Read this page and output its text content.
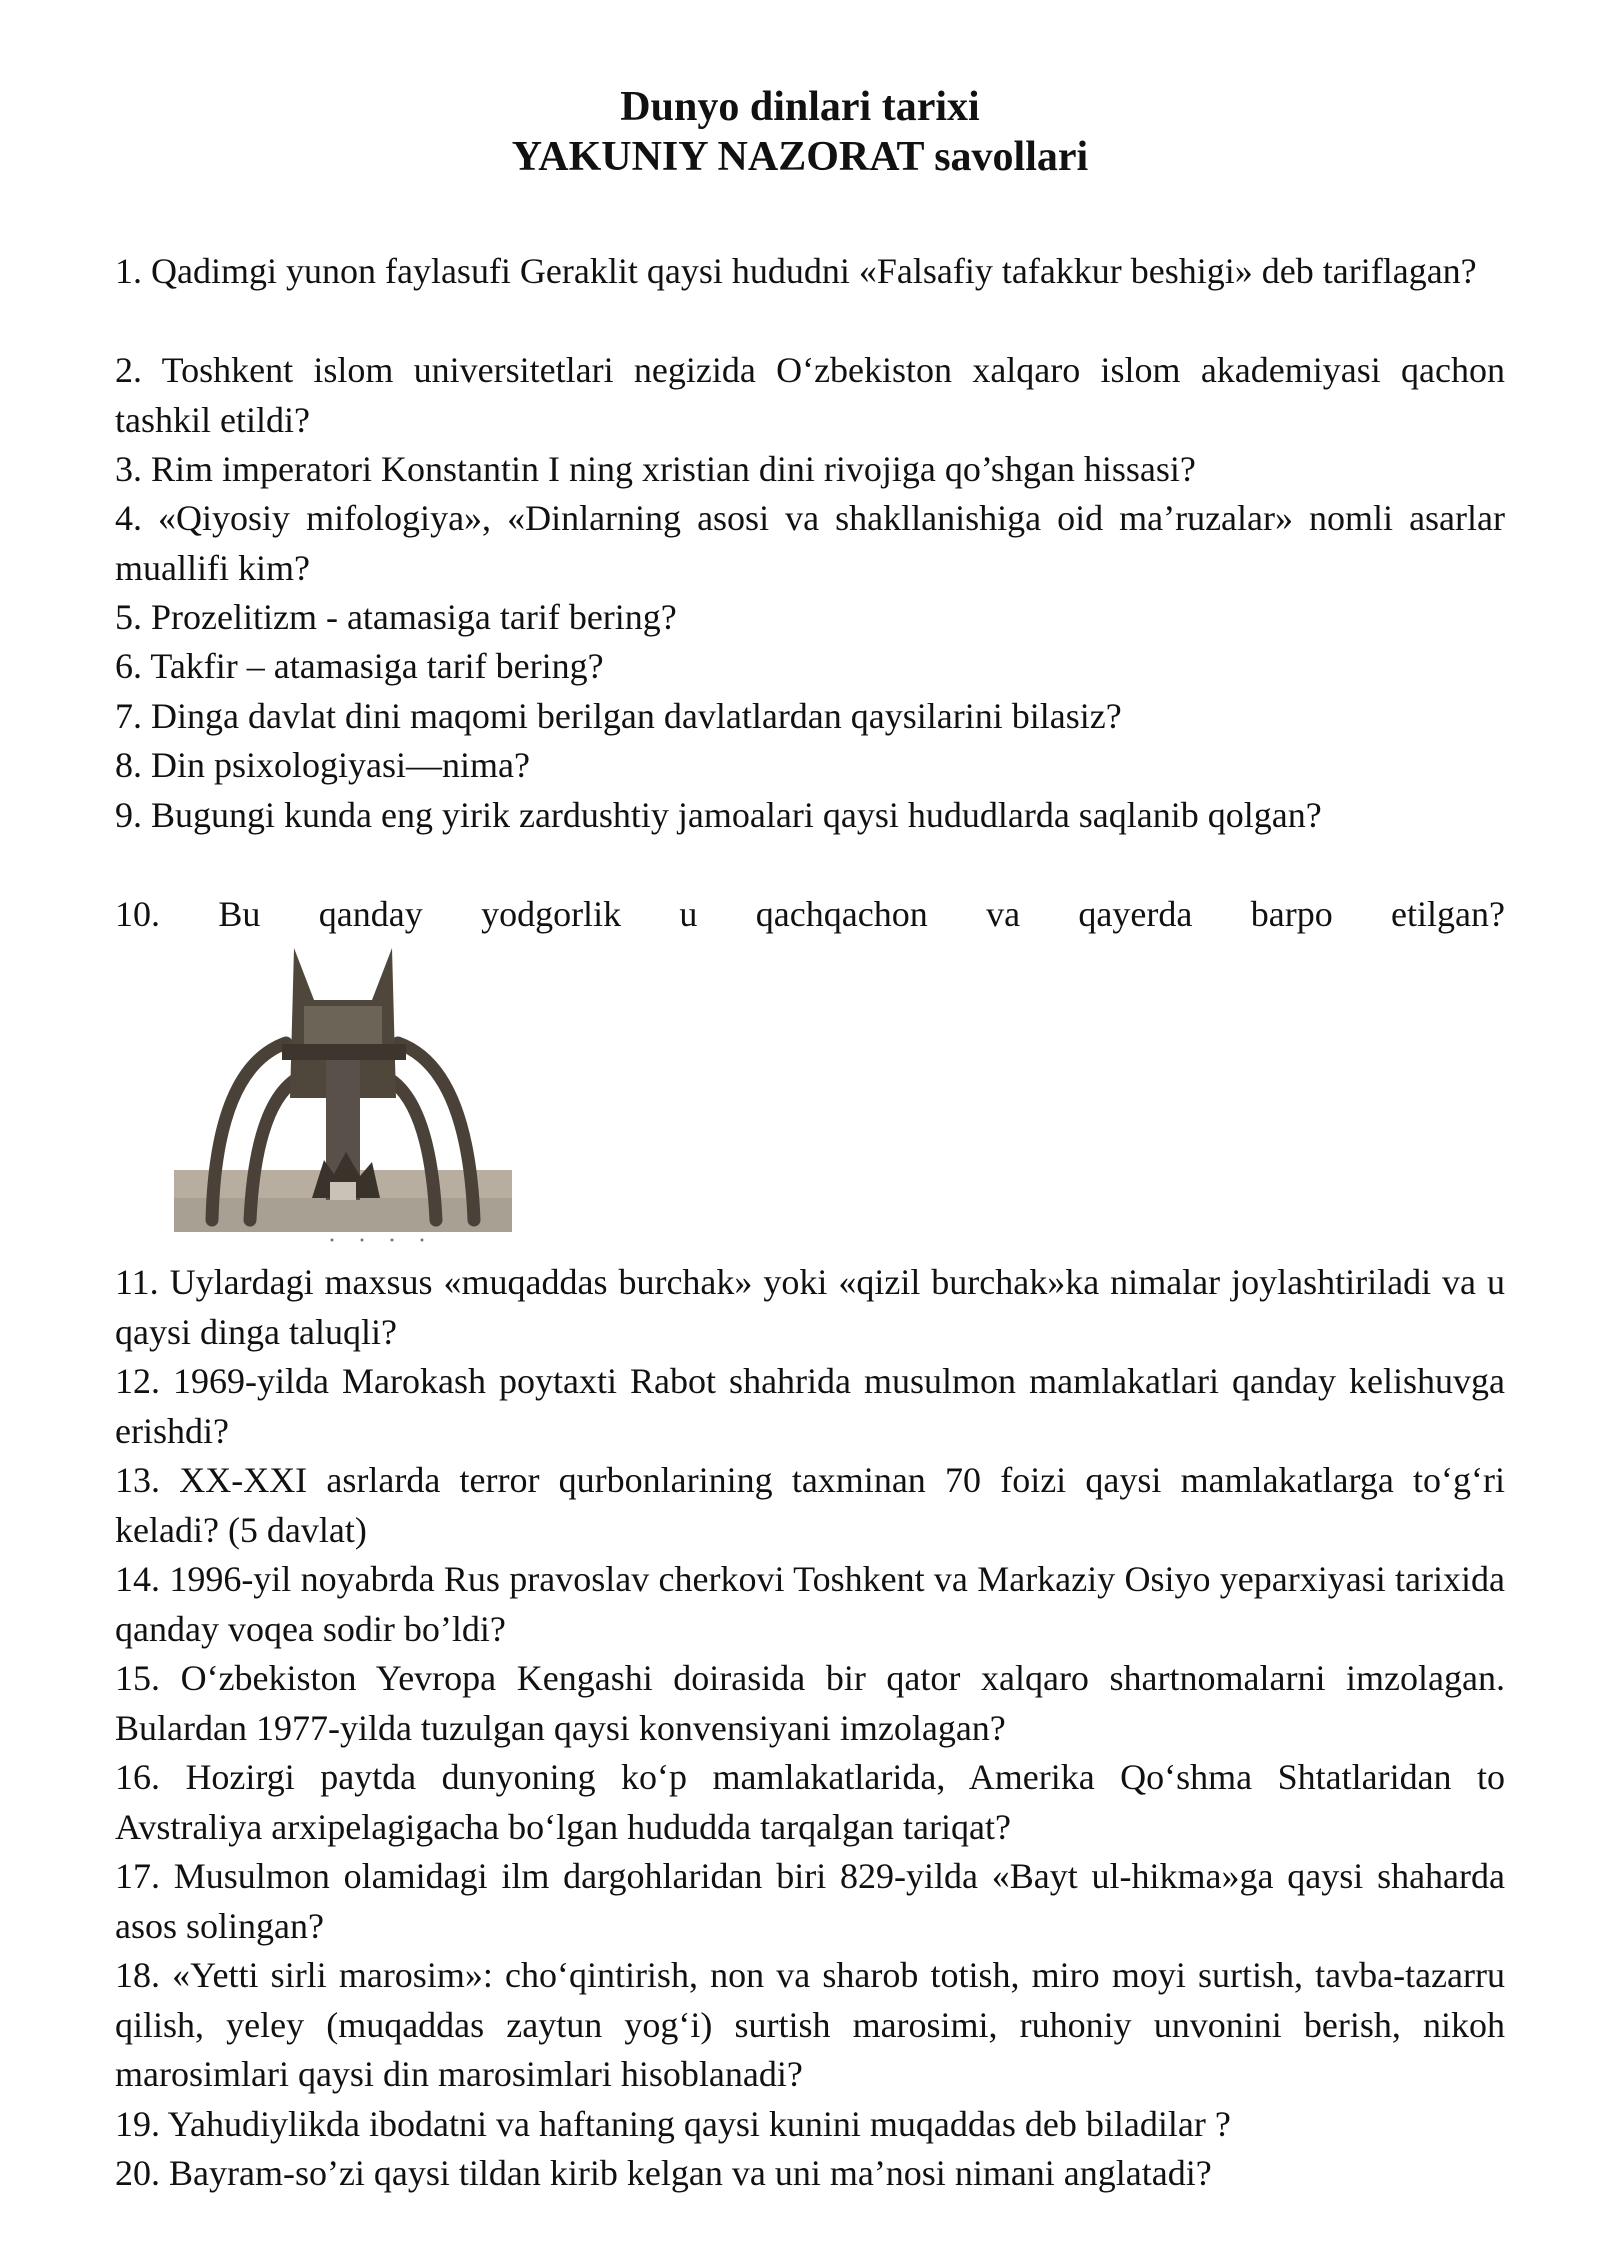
Dunyo dinlari tarixi
YAKUNIY NAZORAT savollari

1. Qadimgi yunon faylasufi Geraklit qaysi hududni «Falsafiy tafakkur beshigi» deb tariflagan?

2. Toshkent islom universitetlari negizida O‘zbekiston xalqaro islom akademiyasi qachon tashkil etildi?

3. Rim imperatori Konstantin I ning xristian dini rivojiga qo’shgan hissasi?

4. «Qiyosiy mifologiya», «Dinlarning asosi va shakllanishiga oid ma’ruzalar» nomli asarlar muallifi kim?

5. Prozelitizm - atamasiga tarif bering?

6. Takfir – atamasiga tarif bering?

7. Dinga davlat dini maqomi berilgan davlatlardan qaysilarini bilasiz?

8. Din psixologiyasi—nima?

9. Bugungi kunda eng yirik zardushtiy jamoalari qaysi hududlarda saqlanib qolgan?

10. Bu qanday yodgorlik u qachqachon va qayerda barpo etilgan?

11. Uylardagi maxsus «muqaddas burchak» yoki «qizil burchak»ka nimalar joylashtiriladi va u qaysi dinga taluqli?

12. 1969-yilda Marokash poytaxti Rabot shahrida musulmon mamlakatlari qanday kelishuvga erishdi?

13. XX-XXI asrlarda terror qurbonlarining taxminan 70 foizi qaysi mamlakatlarga to‘g‘ri keladi? (5 davlat)

14. 1996-yil noyabrda Rus pravoslav cherkovi Toshkent va Markaziy Osiyo yeparxiyasi tarixida qanday voqea sodir bo’ldi?

15. O‘zbekiston Yevropa Kengashi doirasida bir qator xalqaro shartnomalarni imzolagan. Bulardan 1977-yilda tuzulgan qaysi konvensiyani imzolagan?

16. Hozirgi paytda dunyoning ko‘p mamlakatlarida, Amerika Qo‘shma Shtatlaridan to Avstraliya arxipelagigacha bo‘lgan hududda tarqalgan tariqat?

17. Musulmon olamidagi ilm dargohlaridan biri 829-yilda «Bayt ul-hikma»ga qaysi shaharda asos solingan?

18. «Yetti sirli marosim»: cho‘qintirish, non va sharob totish, miro moyi surtish, tavba-tazarru qilish, yeley (muqaddas zaytun yog‘i) surtish marosimi, ruhoniy unvonini berish, nikoh marosimlari qaysi din marosimlari hisoblanadi?

19. Yahudiylikda ibodatni va haftaning qaysi kunini muqaddas deb biladilar ?

20. Bayram-so’zi qaysi tildan kirib kelgan va uni ma’nosi nimani anglatadi?
